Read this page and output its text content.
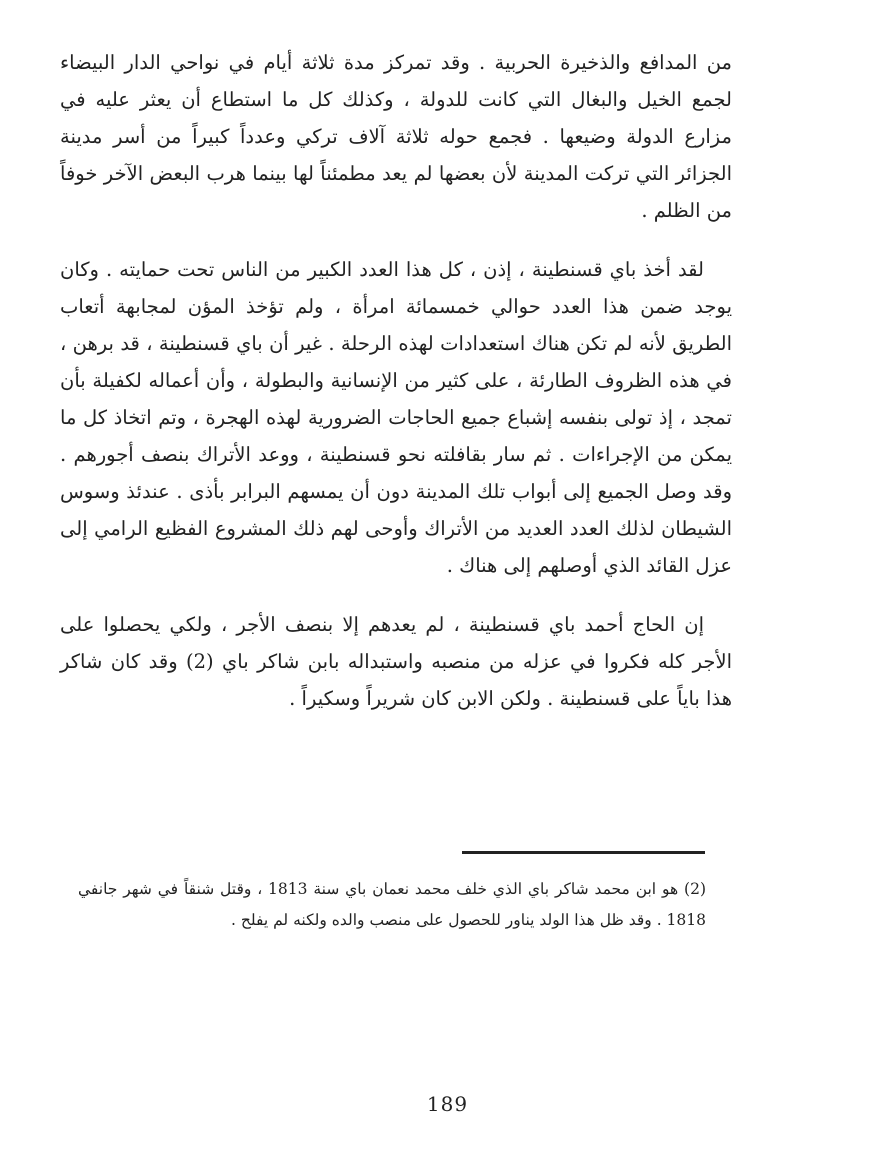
من المدافع والذخيرة الحربية . وقد تمركز مدة ثلاثة أيام في نواحي الدار البيضاء لجمع الخيل والبغال التي كانت للدولة ، وكذلك كل ما استطاع أن يعثر عليه في مزارع الدولة وضيعها . فجمع حوله ثلاثة آلاف تركي وعدداً كبيراً من أسر مدينة الجزائر التي تركت المدينة لأن بعضها لم يعد مطمئناً لها بينما هرب البعض الآخر خوفاً من الظلم .

لقد أخذ باي قسنطينة ، إذن ، كل هذا العدد الكبير من الناس تحت حمايته . وكان يوجد ضمن هذا العدد حوالي خمسمائة امرأة ، ولم تؤخذ المؤن لمجابهة أتعاب الطريق لأنه لم تكن هناك استعدادات لهذه الرحلة . غير أن باي قسنطينة ، قد برهن ، في هذه الظروف الطارئة ، على كثير من الإنسانية والبطولة ، وأن أعماله لكفيلة بأن تمجد ، إذ تولى بنفسه إشباع جميع الحاجات الضرورية لهذه الهجرة ، وتم اتخاذ كل ما يمكن من الإجراءات . ثم سار بقافلته نحو قسنطينة ، ووعد الأتراك بنصف أجورهم . وقد وصل الجميع إلى أبواب تلك المدينة دون أن يمسهم البرابر بأذى . عندئذ وسوس الشيطان لذلك العدد العديد من الأتراك وأوحى لهم ذلك المشروع الفظيع الرامي إلى عزل القائد الذي أوصلهم إلى هناك .

إن الحاج أحمد باي قسنطينة ، لم يعدهم إلا بنصف الأجر ، ولكي يحصلوا على الأجر كله فكروا في عزله من منصبه واستبداله بابن شاكر باي (2) وقد كان شاكر هذا باياً على قسنطينة . ولكن الابن كان شريراً وسكيراً .

(2) هو ابن محمد شاكر باي الذي خلف محمد نعمان باي سنة 1813 ، وقتل شنقاً في شهر جانفي 1818 . وقد ظل هذا الولد يناور للحصول على منصب والده ولكنه لم يفلح .

189
